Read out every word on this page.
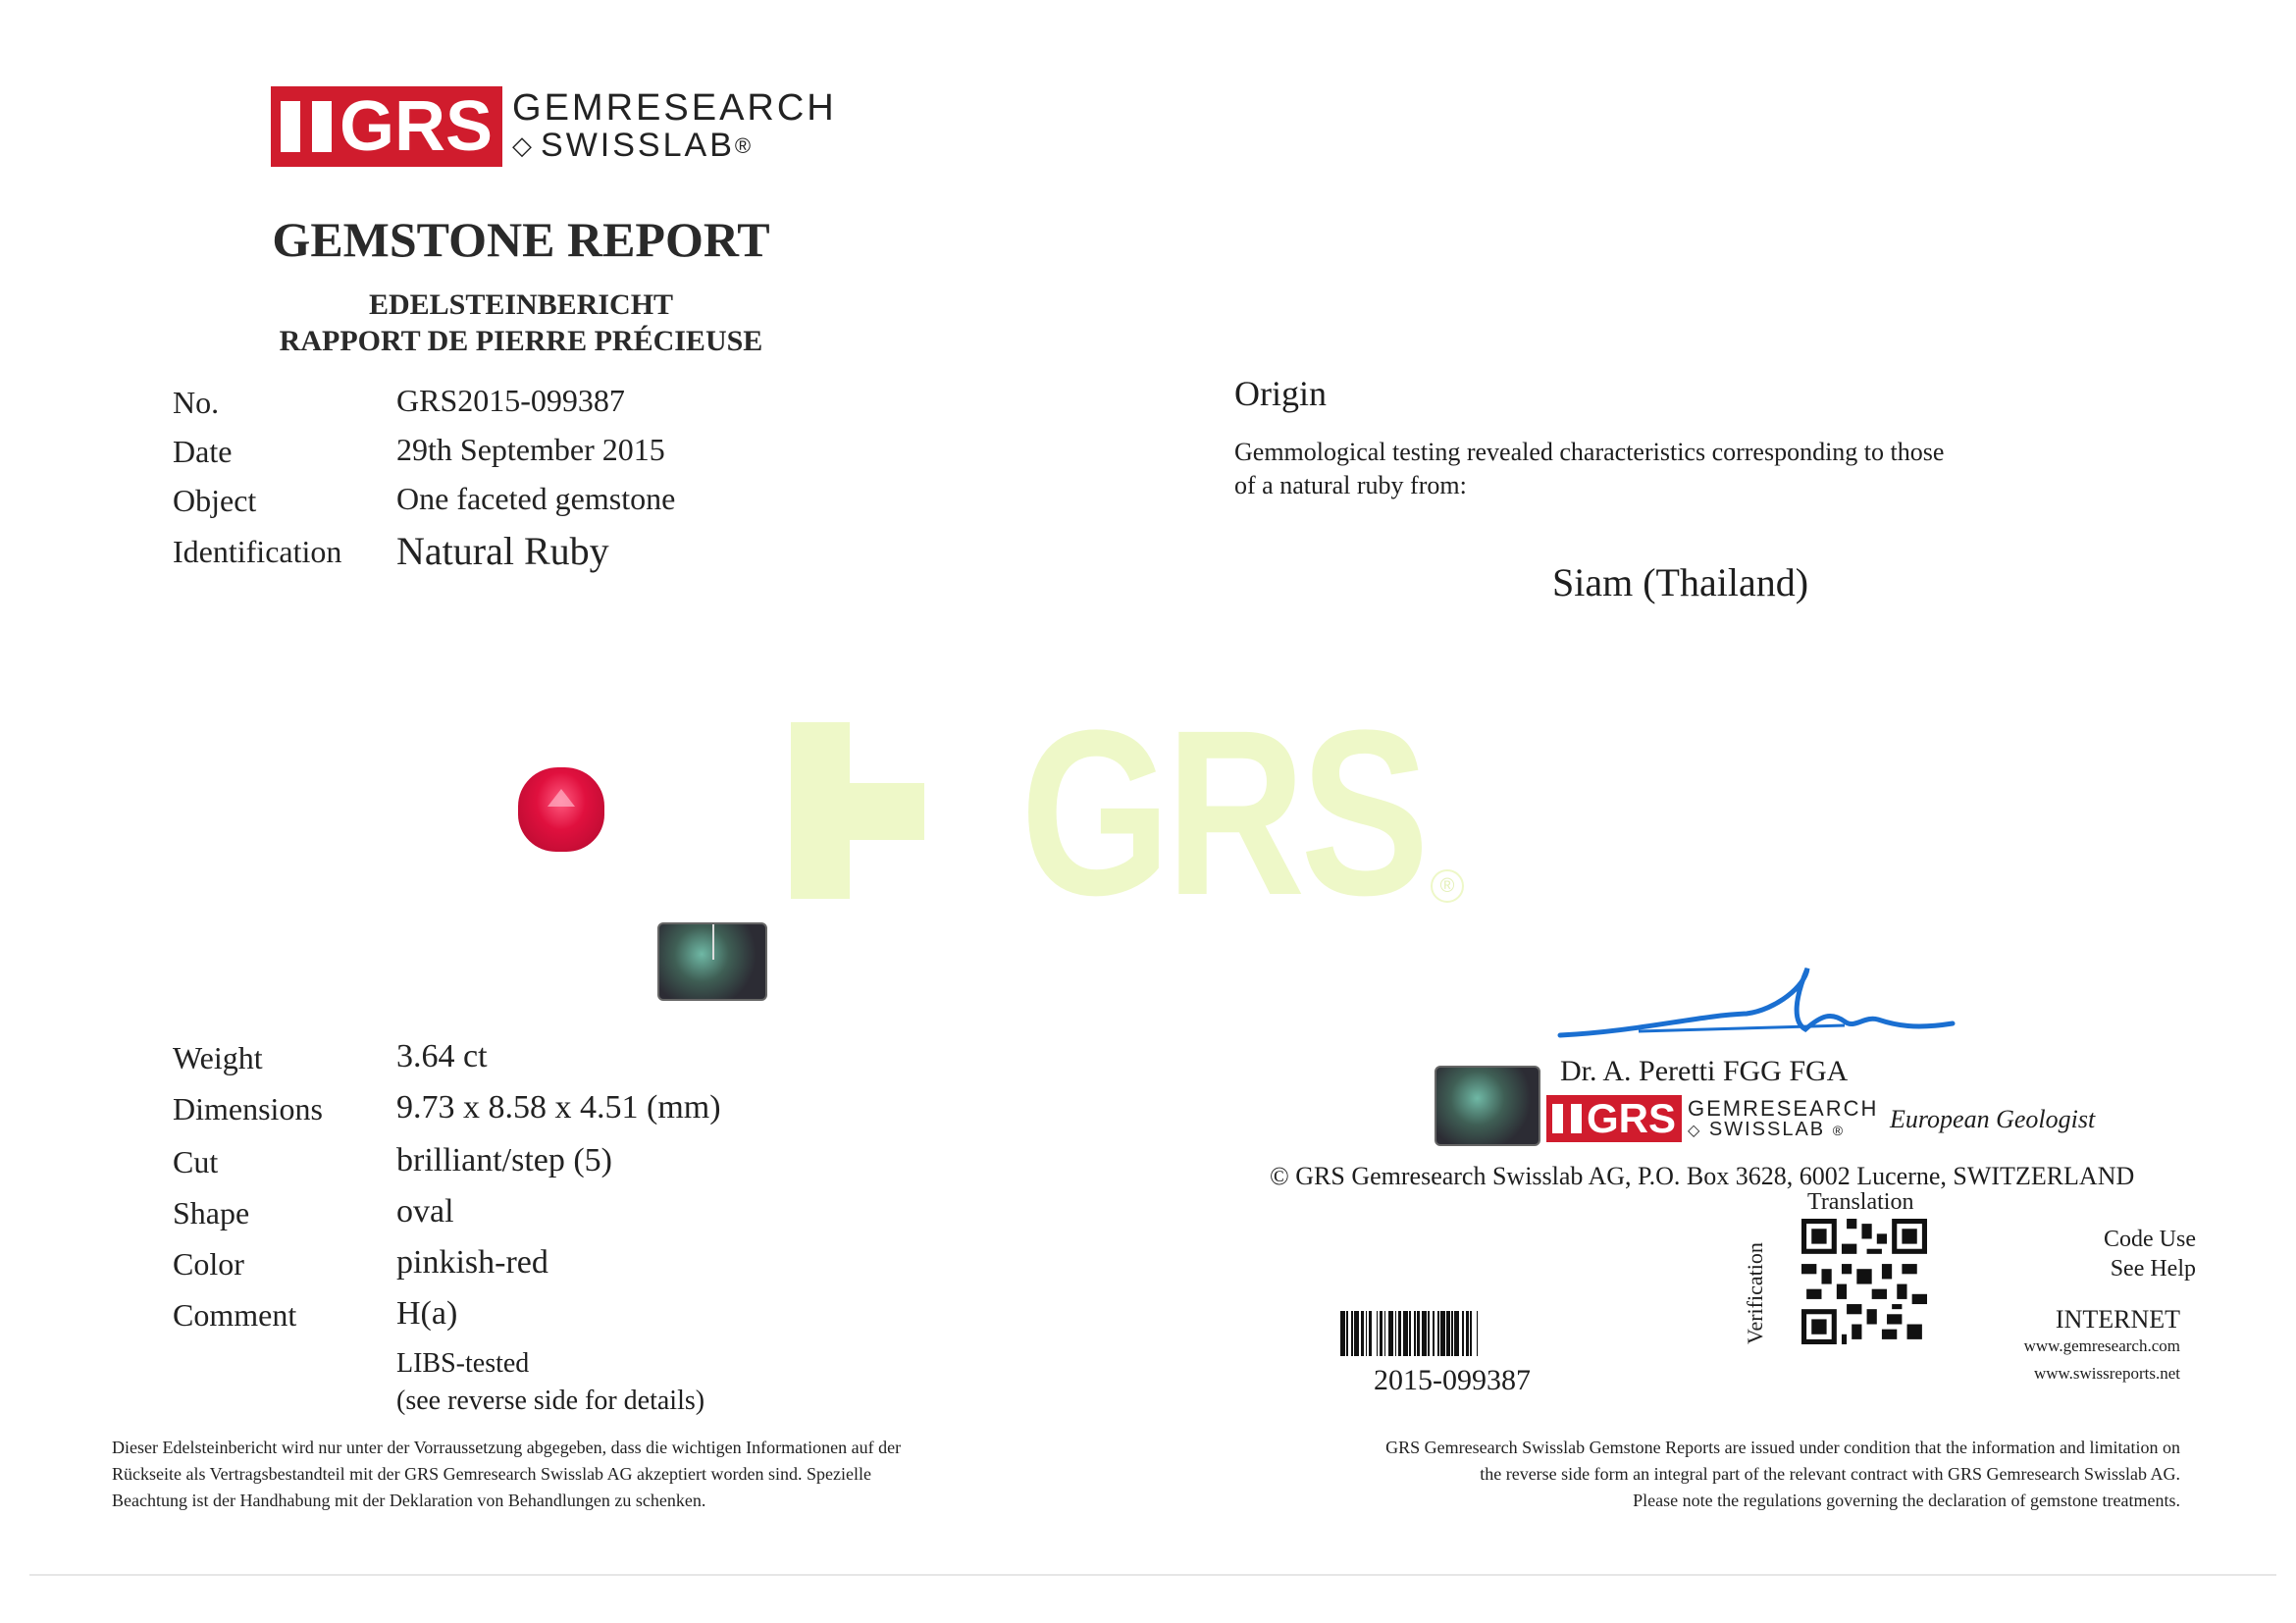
GRS GEMRESEARCH
◇ SWISSLAB ®
GEMSTONE REPORT
EDELSTEINBERICHT
RAPPORT DE PIERRE PRÉCIEUSE
No.	GRS2015-099387
Date	29th September 2015
Object	One faceted gemstone
Identification Natural Ruby
Origin
Gemmological testing revealed characteristics corresponding to those
of a natural ruby from:
Siam (Thailand)
GRS ®
Weight	3.64 ct
Dimensions 9.73 x 8.58 x 4.51 (mm)
Cut	brilliant/step (5)
Shape	oval
Color	pinkish-red
Comment	H(a)
LIBS-tested
(see reverse side for details)
Dr. A. Peretti FGG FGA
GRS GEMRESEARCH
◇ SWISSLAB ®	European Geologist
© GRS Gemresearch Swisslab AG, P.O. Box 3628, 6002 Lucerne, SWITZERLAND
Translation
Verification
Code Use
See Help
INTERNET
www.gemresearch.com
www.swissreports.net
2015-099387
Dieser Edelsteinbericht wird nur unter der Vorraussetzung abgegeben, dass die wichtigen Informationen auf der
Rückseite als Vertragsbestandteil mit der GRS Gemresearch Swisslab AG akzeptiert worden sind. Spezielle
Beachtung ist der Handhabung mit der Deklaration von Behandlungen zu schenken.
GRS Gemresearch Swisslab Gemstone Reports are issued under condition that the information and limitation on
the reverse side form an integral part of the relevant contract with GRS Gemresearch Swisslab AG.
Please note the regulations governing the declaration of gemstone treatments.
